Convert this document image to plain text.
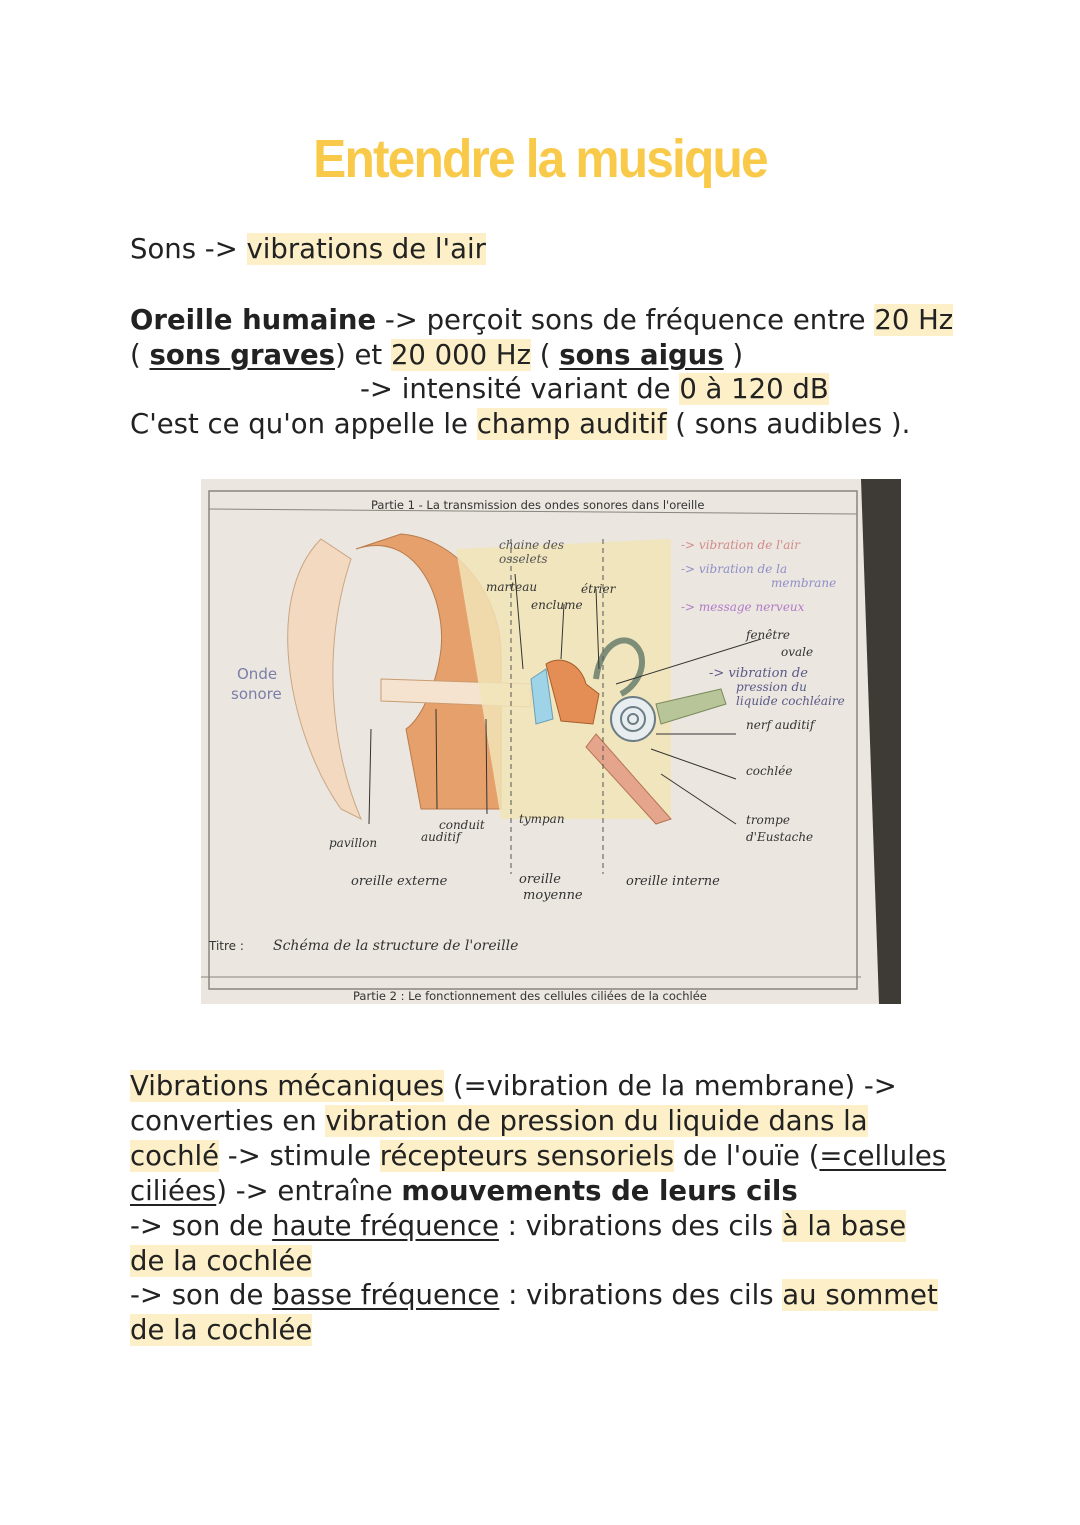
Entendre la musique
Sons -> vibrations de l'air
Oreille humaine -> perçoit sons de fréquence entre 20 Hz
( sons graves) et 20 000 Hz ( sons aigus )
-> intensité variant de 0 à 120 dB
C'est ce qu'on appelle le champ auditif ( sons audibles ).
Partie 1 - La transmission des ondes sonores dans l'oreille
Onde
sonore
chaine des
osselets
marteau	étrier
enclume
-> vibration de l'air
-> vibration de la
membrane
-> message nerveux
fenêtre
ovale
-> vibration de
pression du
liquide cochléaire
nerf auditif
cochlée
trompe
d'Eustache
tympan
conduit
auditif
pavillon
oreille externe	oreille
moyenne
oreille interne
Titre : Schéma de la structure de l'oreille
Partie 2 : Le fonctionnement des cellules ciliées de la cochlée
Vibrations mécaniques (=vibration de la membrane) ->
converties en vibration de pression du liquide dans la
cochlé -> stimule récepteurs sensoriels de l'ouïe (=cellules
ciliées) -> entraîne mouvements de leurs cils
-> son de haute fréquence : vibrations des cils à la base
de la cochlée
-> son de basse fréquence : vibrations des cils au sommet
de la cochlée
